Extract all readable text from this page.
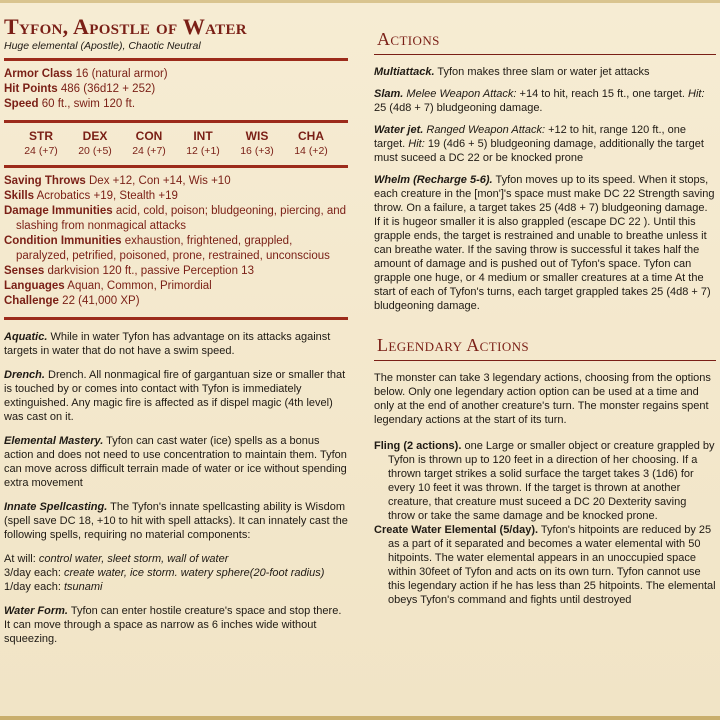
Tyfon, Apostle of Water
Huge elemental (Apostle), Chaotic Neutral
Armor Class 16 (natural armor)
Hit Points 486 (36d12 + 252)
Speed 60 ft., swim 120 ft.
STR
24 (+7)
DEX
20 (+5)
CON
24 (+7)
INT
12 (+1)
WIS
16 (+3)
CHA
14 (+2)
Saving Throws Dex +12, Con +14, Wis +10
Skills Acrobatics +19, Stealth +19
Damage Immunities acid, cold, poison; bludgeoning, piercing, and slashing from nonmagical attacks
Condition Immunities exhaustion, frightened, grappled, paralyzed, petrified, poisoned, prone, restrained, unconscious
Senses darkvision 120 ft., passive Perception 13
Languages Aquan, Common, Primordial
Challenge 22 (41,000 XP)

Aquatic. While in water Tyfon has advantage on its attacks against targets in water that do not have a swim speed.

Drench. Drench. All nonmagical fire of gargantuan size or smaller that is touched by or comes into contact with Tyfon is immediately extinguished. Any magic fire is affected as if dispel magic (4th level) was cast on it.

Elemental Mastery. Tyfon can cast water (ice) spells as a bonus action and does not need to use concentration to maintain them. Tyfon can move across difficult terrain made of water or ice without spending extra movement

Innate Spellcasting. The Tyfon's innate spellcasting ability is Wisdom (spell save DC 18, +10 to hit with spell attacks). It can innately cast the following spells, requiring no material components:

At will: control water, sleet storm, wall of water
3/day each: create water, ice storm. watery sphere(20-foot radius)
1/day each: tsunami

Water Form. Tyfon can enter hostile creature's space and stop there. It can move through a space as narrow as 6 inches wide without squeezing.

Actions

Multiattack. Tyfon makes three slam or water jet attacks

Slam. Melee Weapon Attack: +14 to hit, reach 15 ft., one target. Hit: 25 (4d8 + 7) bludgeoning damage.

Water jet. Ranged Weapon Attack: +12 to hit, range 120 ft., one target. Hit: 19 (4d6 + 5) bludgeoning damage, additionally the target must suceed a DC 22 or be knocked prone

Whelm (Recharge 5-6). Tyfon moves up to its speed. When it stops, each creature in the [mon']'s space must make DC 22 Strength saving throw. On a failure, a target takes 25 (4d8 + 7) bludgeoning damage. If it is hugeor smaller it is also grappled (escape DC 22 ). Until this grapple ends, the target is restrained and unable to breathe unless it can breathe water. If the saving throw is successful it takes half the amount of damage and is pushed out of Tyfon's space. Tyfon can grapple one huge, or 4 medium or smaller creatures at a time At the start of each of Tyfon's turns, each target grappled takes 25 (4d8 + 7) bludgeoning damage.

Legendary Actions

The monster can take 3 legendary actions, choosing from the options below. Only one legendary action option can be used at a time and only at the end of another creature's turn. The monster regains spent legendary actions at the start of its turn.

Fling (2 actions). one Large or smaller object or creature grappled by Tyfon is thrown up to 120 feet in a direction of her choosing. If a thrown target strikes a solid surface the target takes 3 (1d6) for every 10 feet it was thrown. If the target is thrown at another creature, that creature must suceed a DC 20 Dexterity saving throw or take the same damage and be knocked prone.

Create Water Elemental (5/day). Tyfon's hitpoints are reduced by 25 as a part of it separated and becomes a water elemental with 50 hitpoints. The water elemental appears in an unoccupied space within 30feet of Tyfon and acts on its own turn. Tyfon cannot use this legendary action if he has less than 25 hitpoints. The elemental obeys Tyfon's command and fights until destroyed
